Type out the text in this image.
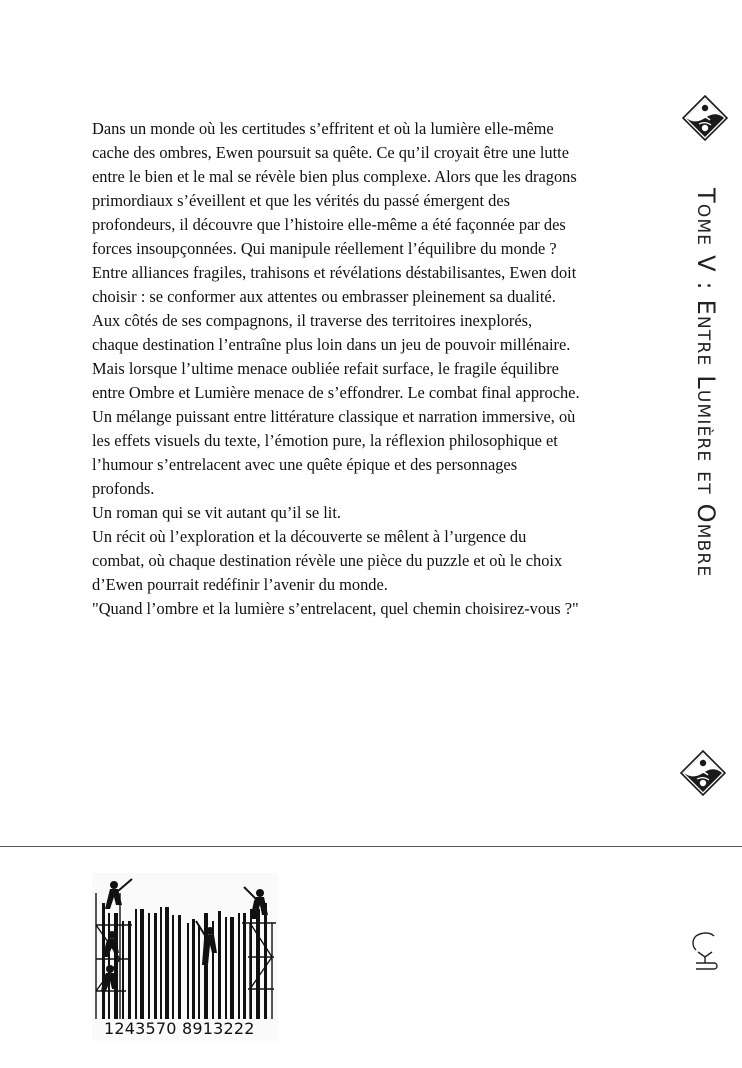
Dans un monde où les certitudes s’effritent et où la lumière elle-même cache des ombres, Ewen poursuit sa quête. Ce qu’il croyait être une lutte entre le bien et le mal se révèle bien plus complexe. Alors que les dragons primordiaux s’éveillent et que les vérités du passé émergent des profondeurs, il découvre que l’histoire elle-même a été façonnée par des forces insoupçonnées. Qui manipule réellement l’équilibre du monde ? Entre alliances fragiles, trahisons et révélations déstabilisantes, Ewen doit choisir : se conformer aux attentes ou embrasser pleinement sa dualité.

Aux côtés de ses compagnons, il traverse des territoires inexplorés, chaque destination l’entraîne plus loin dans un jeu de pouvoir millénaire.

Mais lorsque l’ultime menace oubliée refait surface, le fragile équilibre entre Ombre et Lumière menace de s’effondrer. Le combat final approche.

Un mélange puissant entre littérature classique et narration immersive, où les effets visuels du texte, l’émotion pure, la réflexion philosophique et l’humour s’entrelacent avec une quête épique et des personnages profonds.

Un roman qui se vit autant qu’il se lit.

Un récit où l’exploration et la découverte se mêlent à l’urgence du combat, où chaque destination révèle une pièce du puzzle et où le choix d’Ewen pourrait redéfinir l’avenir du monde.

"Quand l’ombre et la lumière s’entrelacent, quel chemin choisirez-vous ?"

Tome V : Entre Lumière et Ombre
1243570 8913222
